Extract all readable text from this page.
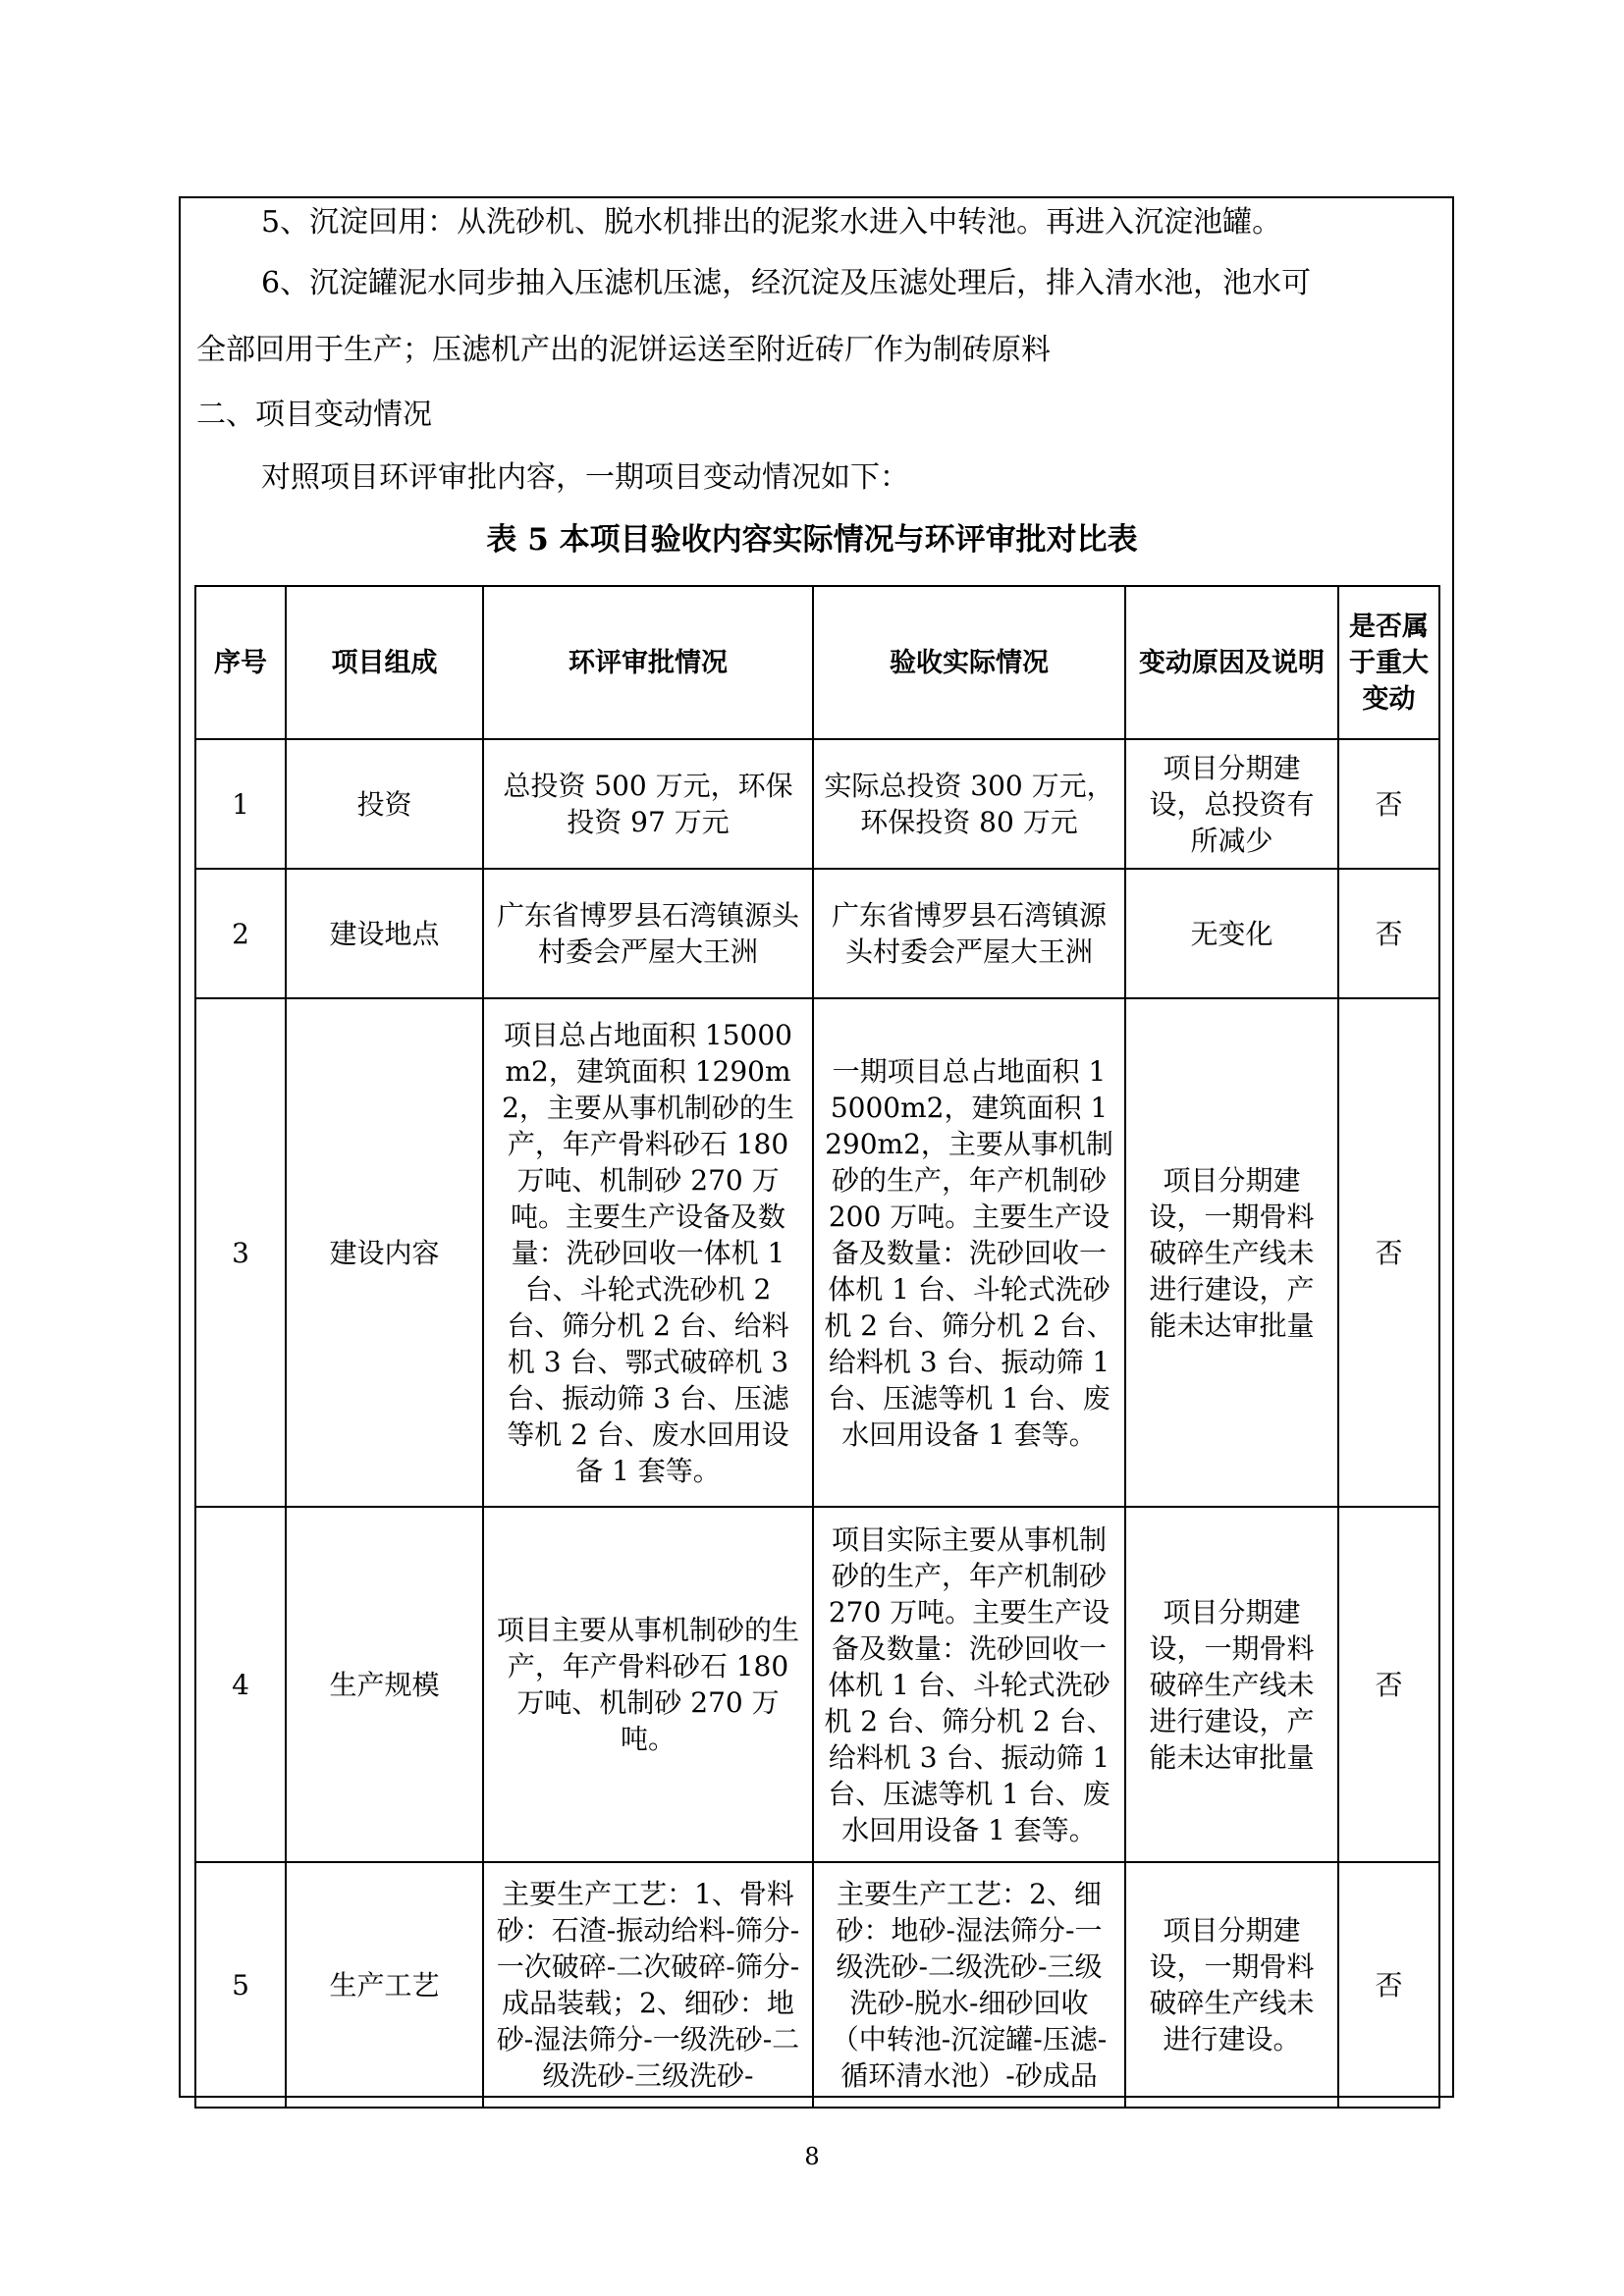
5、沉淀回用：从洗砂机、脱水机排出的泥浆水进入中转池。再进入沉淀池罐。

6、沉淀罐泥水同步抽入压滤机压滤，经沉淀及压滤处理后，排入清水池，池水可

全部回用于生产；压滤机产出的泥饼运送至附近砖厂作为制砖原料

二、项目变动情况

对照项目环评审批内容，一期项目变动情况如下：

表 5 本项目验收内容实际情况与环评审批对比表

序号	项目组成	环评审批情况	验收实际情况	变动原因及说明	是否属于重大变动
1	投资	总投资 500 万元，环保投资 97 万元	实际总投资 300 万元，环保投资 80 万元	项目分期建设，总投资有所减少	否
2	建设地点	广东省博罗县石湾镇源头村委会严屋大王洲	广东省博罗县石湾镇源头村委会严屋大王洲	无变化	否
3	建设内容	项目总占地面积 15000m2，建筑面积 1290m2，主要从事机制砂的生产，年产骨料砂石 180 万吨、机制砂 270 万吨。主要生产设备及数量：洗砂回收一体机 1 台、斗轮式洗砂机 2 台、筛分机 2 台、给料机 3 台、鄂式破碎机 3 台、振动筛 3 台、压滤等机 2 台、废水回用设备 1 套等。	一期项目总占地面积 15000m2，建筑面积 1290m2，主要从事机制砂的生产，年产机制砂 200 万吨。主要生产设备及数量：洗砂回收一体机 1 台、斗轮式洗砂机 2 台、筛分机 2 台、给料机 3 台、振动筛 1 台、压滤等机 1 台、废水回用设备 1 套等。	项目分期建设，一期骨料破碎生产线未进行建设，产能未达审批量	否
4	生产规模	项目主要从事机制砂的生产，年产骨料砂石 180 万吨、机制砂 270 万吨。	项目实际主要从事机制砂的生产，年产机制砂 270 万吨。主要生产设备及数量：洗砂回收一体机 1 台、斗轮式洗砂机 2 台、筛分机 2 台、给料机 3 台、振动筛 1 台、压滤等机 1 台、废水回用设备 1 套等。	项目分期建设，一期骨料破碎生产线未进行建设，产能未达审批量	否
5	生产工艺	主要生产工艺：1、骨料砂：石渣-振动给料-筛分-一次破碎-二次破碎-筛分-成品装载；2、细砂：地砂-湿法筛分-一级洗砂-二级洗砂-三级洗砂-	主要生产工艺：2、细砂：地砂-湿法筛分-一级洗砂-二级洗砂-三级洗砂-脱水-细砂回收（中转池-沉淀罐-压滤-循环清水池）-砂成品	项目分期建设，一期骨料破碎生产线未进行建设。	否

8
